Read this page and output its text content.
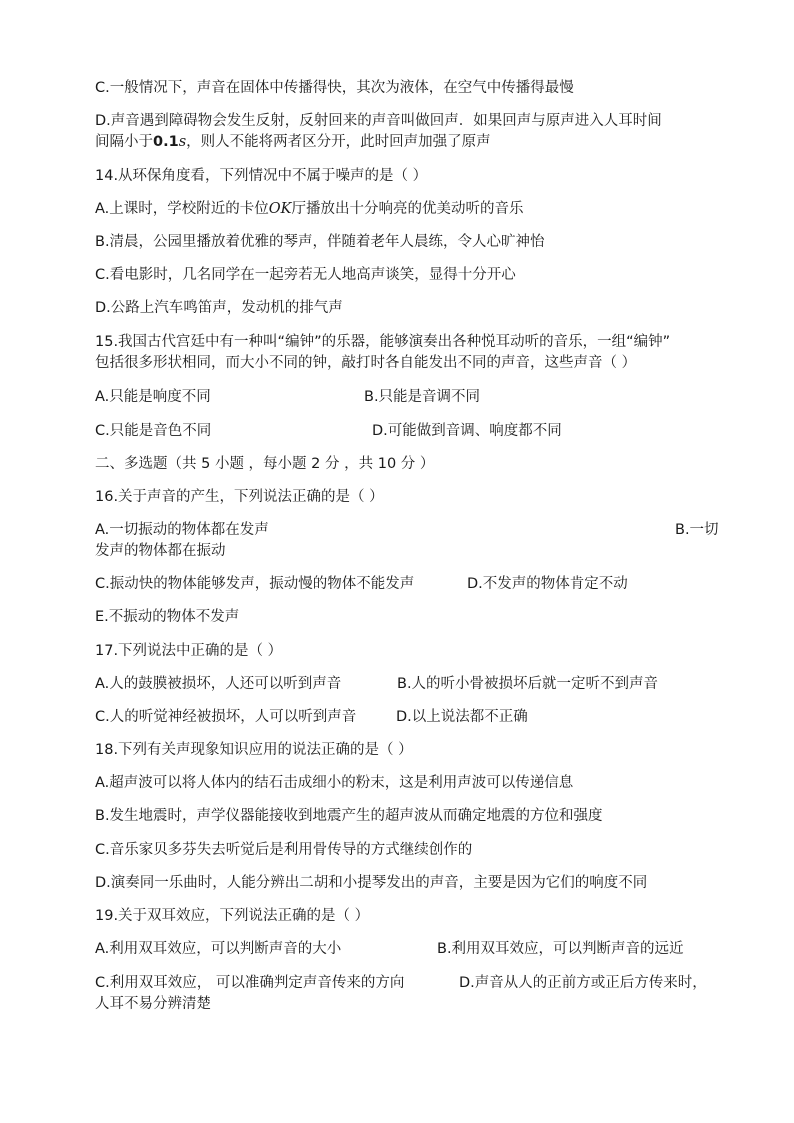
C.一般情况下，声音在固体中传播得快，其次为液体，在空气中传播得最慢
D.声音遇到障碍物会发生反射，反射回来的声音叫做回声．如果回声与原声进入人耳时间
间隔小于0.1s，则人不能将两者区分开，此时回声加强了原声
14.从环保角度看，下列情况中不属于噪声的是（ ）
A.上课时，学校附近的卡位OK厅播放出十分响亮的优美动听的音乐
B.清晨，公园里播放着优雅的琴声，伴随着老年人晨练，令人心旷神怡
C.看电影时，几名同学在一起旁若无人地高声谈笑，显得十分开心
D.公路上汽车鸣笛声，发动机的排气声
15.我国古代宫廷中有一种叫“编钟”的乐器，能够演奏出各种悦耳动听的音乐，一组“编钟”
包括很多形状相同，而大小不同的钟，敲打时各自能发出不同的声音，这些声音（ ）
A.只能是响度不同	B.只能是音调不同
C.只能是音色不同	D.可能做到音调、响度都不同
二、多选题（共 5 小题 ，每小题 2 分 ，共 10 分 ）
16.关于声音的产生，下列说法正确的是（ ）
A.一切振动的物体都在发声	B.一切
发声的物体都在振动
C.振动快的物体能够发声，振动慢的物体不能发声	D.不发声的物体肯定不动
E.不振动的物体不发声
17.下列说法中正确的是（ ）
A.人的鼓膜被损坏，人还可以听到声音	B.人的听小骨被损坏后就一定听不到声音
C.人的听觉神经被损坏，人可以听到声音	D.以上说法都不正确
18.下列有关声现象知识应用的说法正确的是（ ）
A.超声波可以将人体内的结石击成细小的粉末，这是利用声波可以传递信息
B.发生地震时，声学仪器能接收到地震产生的超声波从而确定地震的方位和强度
C.音乐家贝多芬失去听觉后是利用骨传导的方式继续创作的
D.演奏同一乐曲时，人能分辨出二胡和小提琴发出的声音，主要是因为它们的响度不同
19.关于双耳效应，下列说法正确的是（ ）
A.利用双耳效应，可以判断声音的大小	B.利用双耳效应，可以判断声音的远近
C.利用双耳效应， 可以准确判定声音传来的方向	D.声音从人的正前方或正后方传来时，
人耳不易分辨清楚
